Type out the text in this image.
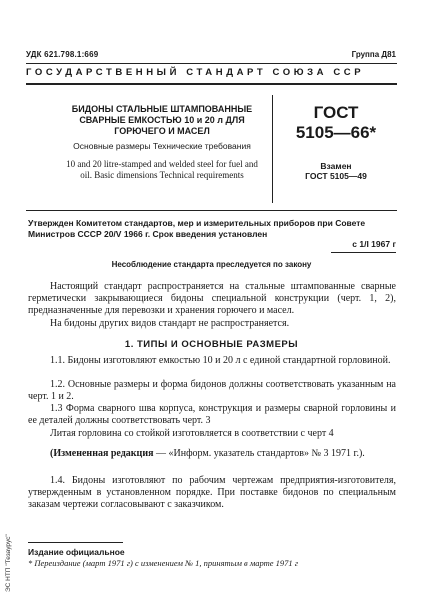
УДК 621.798.1:669	Группа Д81
ГОСУДАРСТВЕННЫЙ СТАНДАРТ СОЮЗА ССР
БИДОНЫ СТАЛЬНЫЕ ШТАМПОВАННЫЕ СВАРНЫЕ ЕМКОСТЬЮ 10 и 20 л ДЛЯ ГОРЮЧЕГО И МАСЕЛ
Основные размеры Технические требования
10 and 20 litre-stamped and welded steel for fuel and oil. Basic dimensions Technical requirements
ГОСТ
5105—66*
Взамен
ГОСТ 5105—49
Утвержден Комитетом стандартов, мер и измерительных приборов при Совете Министров СССР 20/V 1966 г. Срок введения установлен
с 1/I 1967 г
Несоблюдение стандарта преследуется по закону
Настоящий стандарт распространяется на стальные штампованные сварные герметически закрывающиеся бидоны специальной конструкции (черт. 1, 2), предназначенные для перевозки и хранения горючего и масел.
На бидоны других видов стандарт не распространяется.
1. ТИПЫ И ОСНОВНЫЕ РАЗМЕРЫ
1.1. Бидоны изготовляют емкостью 10 и 20 л с единой стандартной горловиной.
1.2. Основные размеры и форма бидонов должны соответствовать указанным на черт. 1 и 2.
1.3 Форма сварного шва корпуса, конструкция и размеры сварной горловины и ее деталей должны соответствовать черт. 3
Литая горловина со стойкой изготовляется в соответствии с черт 4
(Измененная редакция — «Информ. указатель стандартов» № 3 1971 г.).
1.4. Бидоны изготовляют по рабочим чертежам предприятия-изготовителя, утвержденным в установленном порядке. При поставке бидонов по специальным заказам чертежи согласовывают с заказчиком.
Издание официальное
* Переиздание (март 1971 г) с изменением № 1, принятым в марте 1971 г
ЭС НТП "Тезаурус"
